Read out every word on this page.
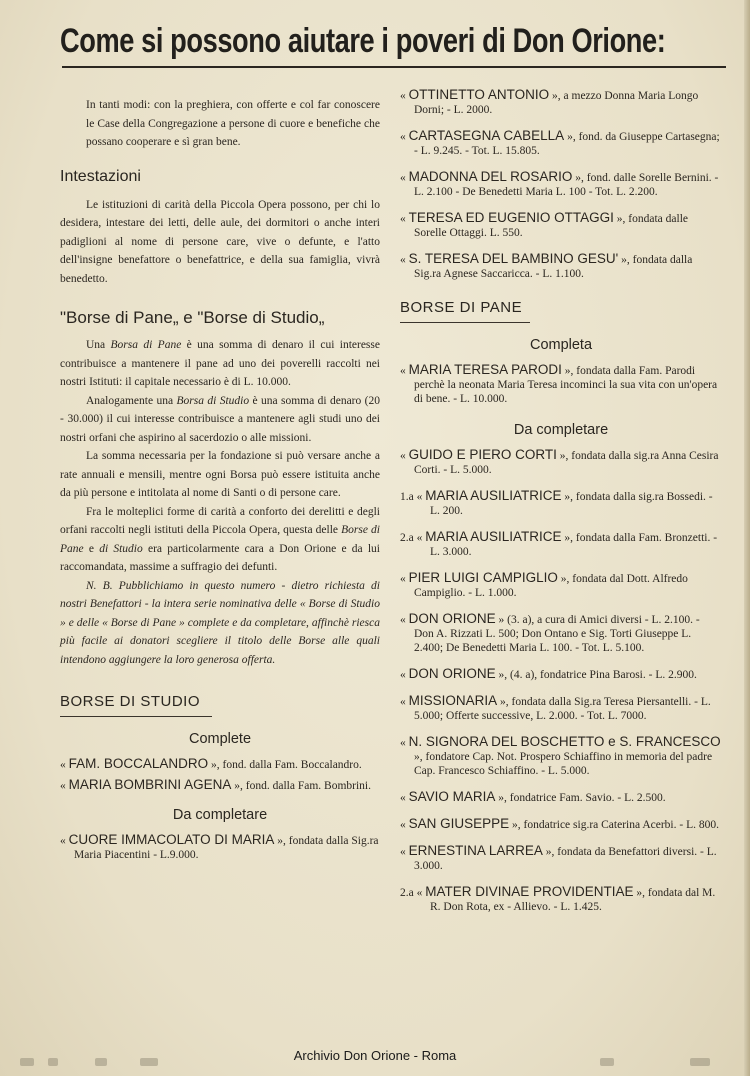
Come si possono aiutare i poveri di Don Orione:

In tanti modi: con la preghiera, con offerte e col far conoscere le Case della Congregazione a persone di cuore e benefiche che possano cooperare e sì gran bene.

Intestazioni

Le istituzioni di carità della Piccola Opera possono, per chi lo desidera, intestare dei letti, delle aule, dei dormitori o anche interi padiglioni al nome di persone care, vive o defunte, e l'atto dell'insigne benefattore o benefattrice, e della sua famiglia, vivrà benedetto.

"Borse di Pane„ e "Borse di Studio„

Una Borsa di Pane è una somma di denaro il cui interesse contribuisce a mantenere il pane ad uno dei poverelli raccolti nei nostri Istituti: il capitale necessario è di L. 10.000.

Analogamente una Borsa di Studio è una somma di denaro (20 - 30.000) il cui interesse contribuisce a mantenere agli studi uno dei nostri orfani che aspirino al sacerdozio o alle missioni.

La somma necessaria per la fondazione si può versare anche a rate annuali e mensili, mentre ogni Borsa può essere istituita anche da più persone e intitolata al nome di Santi o di persone care.

Fra le molteplici forme di carità a conforto dei derelitti e degli orfani raccolti negli istituti della Piccola Opera, questa delle Borse di Pane e di Studio era particolarmente cara a Don Orione e da lui raccomandata, massime a suffragio dei defunti.

N. B. Pubblichiamo in questo numero - dietro richiesta di nostri Benefattori - la intera serie nominativa delle « Borse di Studio » e delle « Borse di Pane » complete e da completare, affinchè riesca più facile ai donatori scegliere il titolo delle Borse alle quali intendono aggiungere la loro generosa offerta.

BORSE DI STUDIO
Complete
« FAM. BOCCALANDRO », fond. dalla Fam. Boccalandro.
« MARIA BOMBRINI AGENA », fond. dalla Fam. Bombrini.
Da completare
« CUORE IMMACOLATO DI MARIA », fondata dalla Sig.ra Maria Piacentini - L.9.000.
« OTTINETTO ANTONIO », a mezzo Donna Maria Longo Dorni; - L. 2000.
« CARTASEGNA CABELLA », fond. da Giuseppe Cartasegna; - L. 9.245. - Tot. L. 15.805.
« MADONNA DEL ROSARIO », fond. dalle Sorelle Bernini. - L. 2.100 - De Benedetti Maria L. 100 - Tot. L. 2.200.
« TERESA ED EUGENIO OTTAGGI », fondata dalle Sorelle Ottaggi. L. 550.
« S. TERESA DEL BAMBINO GESU' », fondata dalla Sig.ra Agnese Saccaricca. - L. 1.100.
BORSE DI PANE
Completa
« MARIA TERESA PARODI », fondata dalla Fam. Parodi perchè la neonata Maria Teresa incominci la sua vita con un'opera di bene. - L. 10.000.
Da completare
« GUIDO E PIERO CORTI », fondata dalla sig.ra Anna Cesira Corti. - L. 5.000.
1.a « MARIA AUSILIATRICE », fondata dalla sig.ra Bossedi. - L. 200.
2.a « MARIA AUSILIATRICE », fondata dalla Fam. Bronzetti. - L. 3.000.
« PIER LUIGI CAMPIGLIO », fondata dal Dott. Alfredo Campiglio. - L. 1.000.
« DON ORIONE » (3. a), a cura di Amici diversi - L. 2.100. - Don A. Rizzati L. 500; Don Ontano e Sig. Torti Giuseppe L. 2.400; De Benedetti Maria L. 100. - Tot. L. 5.100.
« DON ORIONE », (4. a), fondatrice Pina Barosi. - L. 2.900.
« MISSIONARIA », fondata dalla Sig.ra Teresa Piersantelli. - L. 5.000; Offerte successive, L. 2.000. - Tot. L. 7000.
« N. SIGNORA DEL BOSCHETTO e S. FRANCESCO », fondatore Cap. Not. Prospero Schiaffino in memoria del padre Cap. Francesco Schiaffino. - L. 5.000.
« SAVIO MARIA », fondatrice Fam. Savio. - L. 2.500.
« SAN GIUSEPPE », fondatrice sig.ra Caterina Acerbi. - L. 800.
« ERNESTINA LARREA », fondata da Benefattori diversi. - L. 3.000.
2.a « MATER DIVINAE PROVIDENTIAE », fondata dal M. R. Don Rota, ex - Allievo. - L. 1.425.
Archivio Don Orione - Roma
